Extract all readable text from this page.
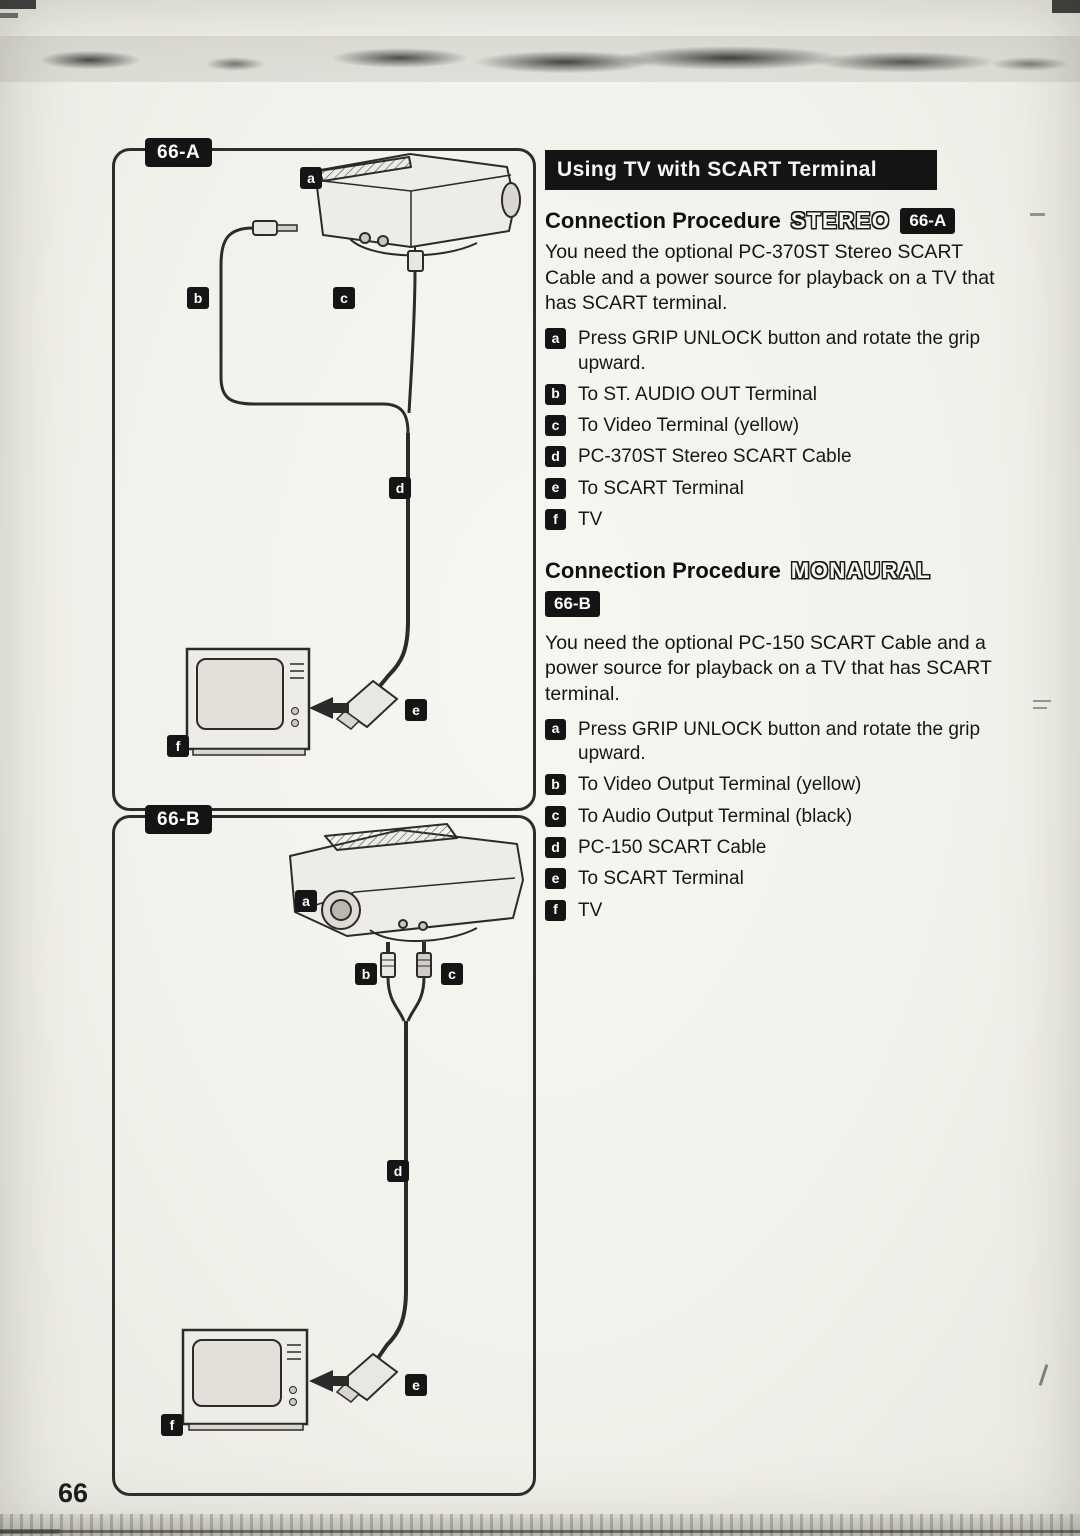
66-A
a
b	c
d
e
f
66-B
a
b	c
d
e
f
Using TV with SCART Terminal
Connection Procedure STEREO	66-A

You need the optional PC-370ST Stereo SCART Cable and a power source for playback on a TV that has SCART terminal.

a Press GRIP UNLOCK button and rotate the grip upward.
b To ST. AUDIO OUT Terminal
c To Video Terminal (yellow)
d PC-370ST Stereo SCART Cable
e To SCART Terminal
f	TV
Connection Procedure MONAURAL
66-B

You need the optional PC-150 SCART Cable and a power source for playback on a TV that has SCART terminal.

a Press GRIP UNLOCK button and rotate the grip upward.
b To Video Output Terminal (yellow)
c To Audio Output Terminal (black)
d PC-150 SCART Cable
e To SCART Terminal
f	TV
66
